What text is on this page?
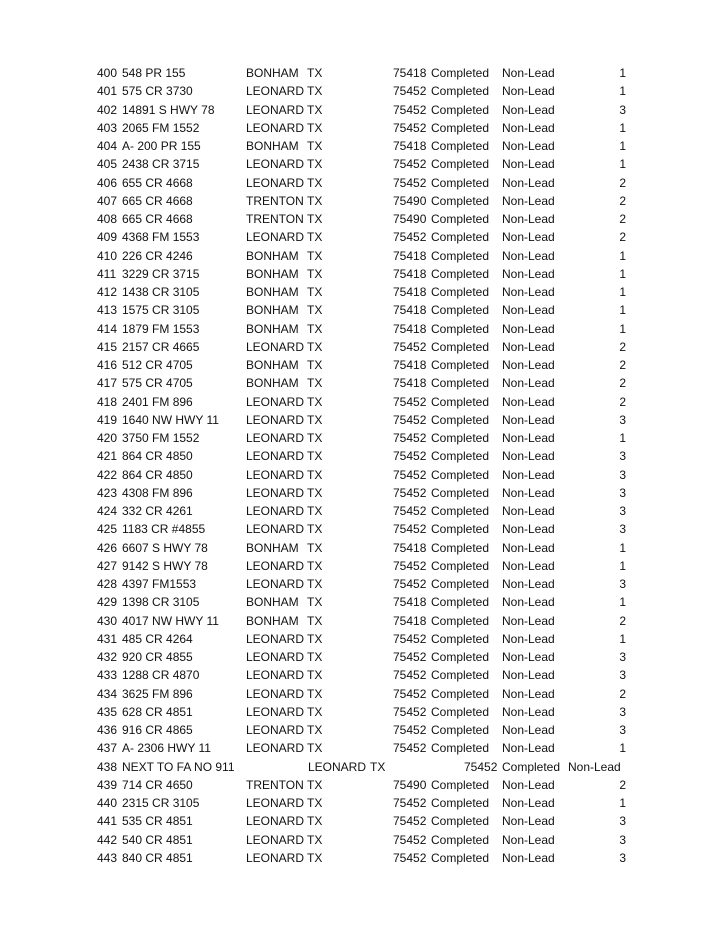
400 548 PR 155	BONHAM TX	75418 Completed Non-Lead	1
401 575 CR 3730	LEONARD TX	75452 Completed Non-Lead	1
402 14891 S HWY 78	LEONARD TX	75452 Completed Non-Lead	3
403 2065 FM 1552	LEONARD TX	75452 Completed Non-Lead	1
404 A- 200 PR 155	BONHAM TX	75418 Completed Non-Lead	1
405 2438 CR 3715	LEONARD TX	75452 Completed Non-Lead	1
406 655 CR 4668	LEONARD TX	75452 Completed Non-Lead	2
407 665 CR 4668	TRENTON TX	75490 Completed Non-Lead	2
408 665 CR 4668	TRENTON TX	75490 Completed Non-Lead	2
409 4368 FM 1553	LEONARD TX	75452 Completed Non-Lead	2
410 226 CR 4246	BONHAM TX	75418 Completed Non-Lead	1
411 3229 CR 3715	BONHAM TX	75418 Completed Non-Lead	1
412 1438 CR 3105	BONHAM TX	75418 Completed Non-Lead	1
413 1575 CR 3105	BONHAM TX	75418 Completed Non-Lead	1
414 1879 FM 1553	BONHAM TX	75418 Completed Non-Lead	1
415 2157 CR 4665	LEONARD TX	75452 Completed Non-Lead	2
416 512 CR 4705	BONHAM TX	75418 Completed Non-Lead	2
417 575 CR 4705	BONHAM TX	75418 Completed Non-Lead	2
418 2401 FM 896	LEONARD TX	75452 Completed Non-Lead	2
419 1640 NW HWY 11 LEONARD TX	75452 Completed Non-Lead	3
420 3750 FM 1552	LEONARD TX	75452 Completed Non-Lead	1
421 864 CR 4850	LEONARD TX	75452 Completed Non-Lead	3
422 864 CR 4850	LEONARD TX	75452 Completed Non-Lead	3
423 4308 FM 896	LEONARD TX	75452 Completed Non-Lead	3
424 332 CR 4261	LEONARD TX	75452 Completed Non-Lead	3
425 1183 CR #4855	LEONARD TX	75452 Completed Non-Lead	3
426 6607 S HWY 78	BONHAM TX	75418 Completed Non-Lead	1
427 9142 S HWY 78	LEONARD TX	75452 Completed Non-Lead	1
428 4397 FM1553	LEONARD TX	75452 Completed Non-Lead	3
429 1398 CR 3105	BONHAM TX	75418 Completed Non-Lead	1
430 4017 NW HWY 11 BONHAM TX	75418 Completed Non-Lead	2
431 485 CR 4264	LEONARD TX	75452 Completed Non-Lead	1
432 920 CR 4855	LEONARD TX	75452 Completed Non-Lead	3
433 1288 CR 4870	LEONARD TX	75452 Completed Non-Lead	3
434 3625 FM 896	LEONARD TX	75452 Completed Non-Lead	2
435 628 CR 4851	LEONARD TX	75452 Completed Non-Lead	3
436 916 CR 4865	LEONARD TX	75452 Completed Non-Lead	3
437 A- 2306 HWY 11	LEONARD TX	75452 Completed Non-Lead	1
438 NEXT TO FA NO 911	LEONARD TX	75452 Completed Non-Lead
439 714 CR 4650	TRENTON TX	75490 Completed Non-Lead	2
440 2315 CR 3105	LEONARD TX	75452 Completed Non-Lead	1
441 535 CR 4851	LEONARD TX	75452 Completed Non-Lead	3
442 540 CR 4851	LEONARD TX	75452 Completed Non-Lead	3
443 840 CR 4851	LEONARD TX	75452 Completed Non-Lead	3
